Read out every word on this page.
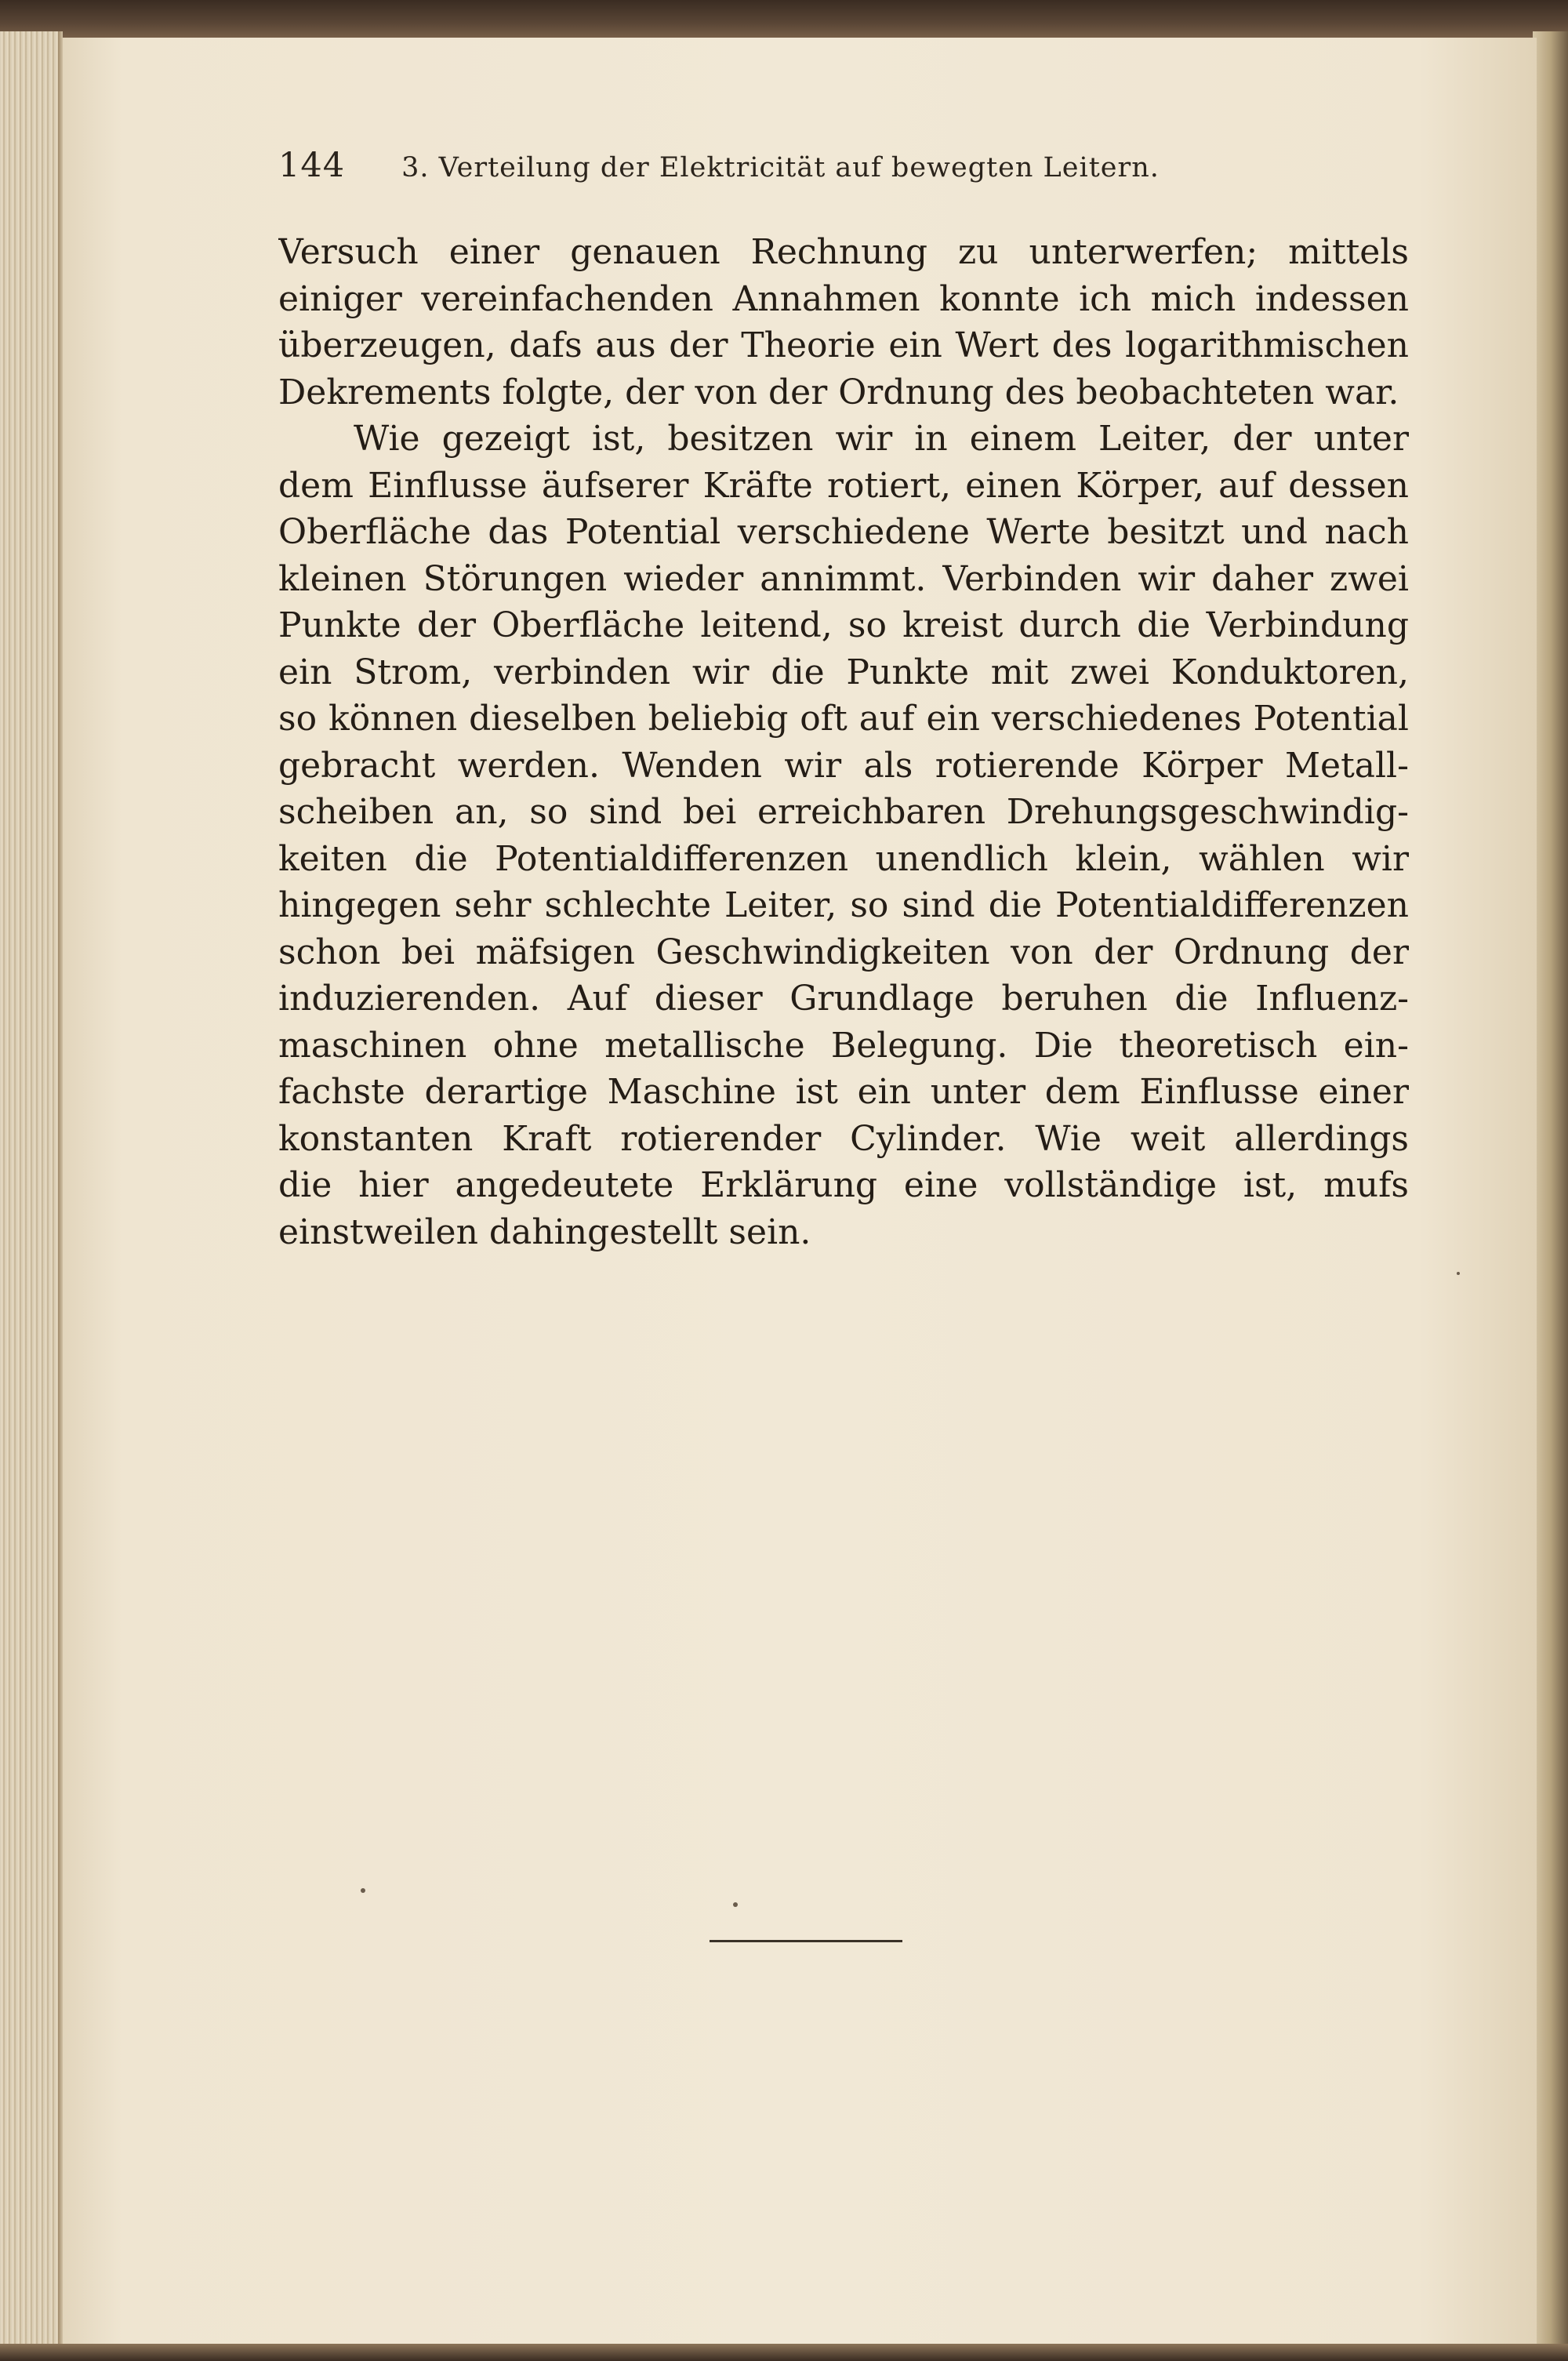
144 3. Verteilung der Elektricität auf bewegten Leitern.
Versuch einer genauen Rechnung zu unterwerfen; mittels
einiger vereinfachenden Annahmen konnte ich mich indessen
überzeugen, dafs aus der Theorie ein Wert des logarithmischen
Dekrements folgte, der von der Ordnung des beobachteten war.
Wie gezeigt ist, besitzen wir in einem Leiter, der unter
dem Einflusse äufserer Kräfte rotiert, einen Körper, auf dessen
Oberfläche das Potential verschiedene Werte besitzt und nach
kleinen Störungen wieder annimmt. Verbinden wir daher zwei
Punkte der Oberfläche leitend, so kreist durch die Verbindung
ein Strom, verbinden wir die Punkte mit zwei Konduktoren,
so können dieselben beliebig oft auf ein verschiedenes Potential
gebracht werden. Wenden wir als rotierende Körper Metall-
scheiben an, so sind bei erreichbaren Drehungsgeschwindig-
keiten die Potentialdifferenzen unendlich klein, wählen wir
hingegen sehr schlechte Leiter, so sind die Potentialdifferenzen
schon bei mäfsigen Geschwindigkeiten von der Ordnung der
induzierenden. Auf dieser Grundlage beruhen die Influenz-
maschinen ohne metallische Belegung. Die theoretisch ein-
fachste derartige Maschine ist ein unter dem Einflusse einer
konstanten Kraft rotierender Cylinder. Wie weit allerdings
die hier angedeutete Erklärung eine vollständige ist, mufs
einstweilen dahingestellt sein.
